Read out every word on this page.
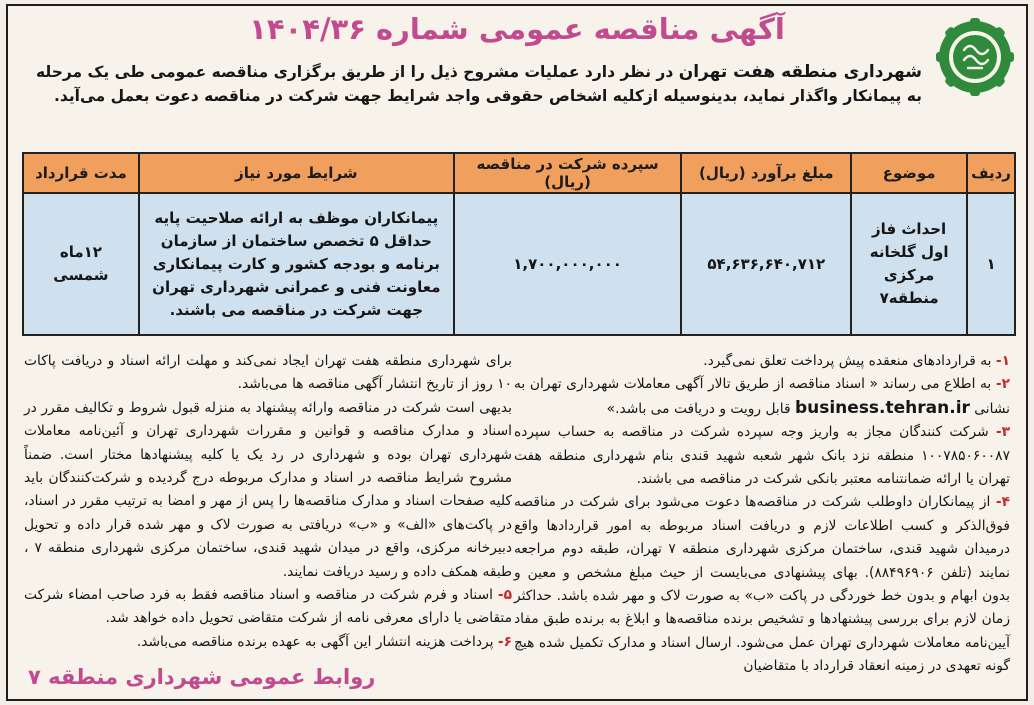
آگهی مناقصه عمومی شماره ۱۴۰۴/۳۶
شهرداری منطقه هفت تهران در نظر دارد عملیات مشروح ذیل را از طریق برگزاری مناقصه عمومی طی یک مرحله به پیمانکار واگذار نماید، بدینوسیله ازکلیه اشخاص حقوقی واجد شرایط جهت شرکت در مناقصه دعوت بعمل می‌آید.
ردیف	موضوع	مبلغ برآورد (ریال)	سپرده شرکت در مناقصه (ریال)	شرایط مورد نیاز	مدت قرارداد
۱	احداث فاز اول گلخانه مرکزی منطقه۷	۵۴,۶۳۶,۶۴۰,۷۱۲	۱,۷۰۰,۰۰۰,۰۰۰	پیمانکاران موظف به ارائه صلاحیت پایه حداقل ۵ تخصص ساختمان از سازمان برنامه و بودجه کشور و کارت پیمانکاری معاونت فنی و عمرانی شهرداری تهران جهت شرکت در مناقصه می باشند.	۱۲ماه شمسی

۱- به قراردادهای منعقده پیش پرداخت تعلق نمی‌گیرد.

۲- به اطلاع می رساند « اسناد مناقصه از طریق تالار آگهی معاملات شهرداری تهران به نشانی business.tehran.ir قابل رویت و دریافت می باشد.»

۳- شرکت کنندگان مجاز به واریز وجه سپرده شرکت در مناقصه به حساب سپرده ۱۰۰۷۸۵۰۶۰۰۸۷ منطقه نزد بانک شهر شعبه شهید قندی بنام شهرداری منطقه هفت تهران یا ارائه ضمانتنامه معتبر بانکی شرکت در مناقصه می باشند.

۴- از پیمانکاران داوطلب شرکت در مناقصه‌ها دعوت می‌شود برای شرکت در مناقصه فوق‌الذکر و کسب اطلاعات لازم و دریافت اسناد مربوطه به امور قراردادها واقع درمیدان شهید قندی، ساختمان مرکزی شهرداری منطقه ۷ تهران، طبقه دوم مراجعه نمایند (تلفن ۸۸۴۹۶۹۰۶). بهای پیشنهادی می‌بایست از حیث مبلغ مشخص و معین و بدون ابهام و بدون خط خوردگی در پاکت «ب» به صورت لاک و مهر شده باشد. حداکثر زمان لازم برای بررسی پیشنهادها و تشخیص برنده مناقصه‌ها و ابلاغ به برنده طبق مفاد آیین‌نامه معاملات شهرداری تهران عمل می‌شود. ارسال اسناد و مدارک تکمیل شده هیچ گونه تعهدی در زمینه انعقاد قرارداد با متقاضیان

برای شهرداری منطقه هفت تهران ایجاد نمی‌کند و مهلت ارائه اسناد و دریافت پاکات ۱۰ روز از تاریخ انتشار آگهی مناقصه ها می‌باشد.

بدیهی است شرکت در مناقصه وارائه پیشنهاد به منزله قبول شروط و تکالیف مقرر در اسناد و مدارک مناقصه و قوانین و مقررات شهرداری تهران و آئین‌نامه معاملات شهرداری تهران بوده و شهرداری در رد یک یا کلیه پیشنهادها مختار است. ضمناً مشروح شرایط مناقصه در اسناد و مدارک مربوطه درج گردیده و شرکت‌کنندگان باید کلیه صفحات اسناد و مدارک مناقصه‌ها را پس از مهر و امضا به ترتیب مقرر در اسناد، در پاکت‌های «الف» و «ب» دریافتی به صورت لاک و مهر شده قرار داده و تحویل دبیرخانه مرکزی، واقع در میدان شهید قندی، ساختمان مرکزی شهرداری منطقه ۷ ، طبقه همکف داده و رسید دریافت نمایند.

۵- اسناد و فرم شرکت در مناقصه و اسناد مناقصه فقط به فرد صاحب امضاء شرکت متقاضی یا دارای معرفی نامه از شرکت متقاضی تحویل داده خواهد شد.

۶- پرداخت هزینه انتشار این آگهی به عهده برنده مناقصه می‌باشد.

روابط عمومی شهرداری منطقه ۷
